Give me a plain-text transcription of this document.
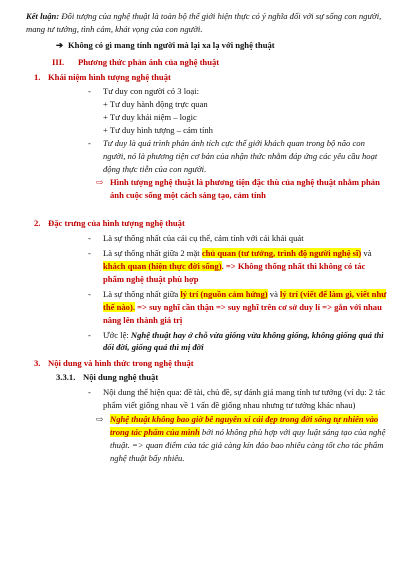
Kết luận: Đối tượng của nghệ thuật là toàn bộ thế giới hiện thực có ý nghĩa đối với sự sống con người, mang tư tưởng, tình cảm, khát vọng của con người.

➔ Không có gì mang tính người mà lại xa lạ với nghệ thuật
III.	Phương thức phản ánh của nghệ thuật
1. Khái niệm hình tượng nghệ thuật
-	Tư duy con người có 3 loại:

+ Tư duy hành động trực quan

+ Tư duy khái niệm – logic

+ Tư duy hình tượng – cảm tính

-	Tư duy là quá trình phản ánh tích cực thế giới khách quan trong bộ não con người, nó là phương tiện cơ bản của nhận thức nhằm đáp ứng các yêu cầu hoạt động thực tiễn của con người.
⇨ Hình tượng nghệ thuật là phương tiện đặc thù của nghệ thuật nhằm phản ánh cuộc sống một cách sáng tạo, cảm tính
2. Đặc trưng của hình tượng nghệ thuật
-	Là sự thống nhất của cái cụ thể, cảm tính với cái khái quát
-	Là sự thống nhất giữa 2 mặt chủ quan (tư tưởng, trình độ người nghệ sĩ) và khách quan (hiện thực đời sống). => Không thống nhất thì không có tác phẩm nghệ thuật phù hợp
-	Là sự thống nhất giữa lý trí (nguồn cảm hứng) và lý trí (viết để làm gì, viết như thế nào). => suy nghĩ cần thận => suy nghĩ trên cơ sở duy lí => gắn với nhau nâng lên thành giá trị
-	Ước lệ: Nghệ thuật hay ở chỗ vừa giống vừa không giống, không giống quá thì dối đời, giống quá thì mị đời
3. Nội dung và hình thức trong nghệ thuật
3.3.1. Nội dung nghệ thuật
-	Nội dung thể hiện qua: đề tài, chủ đề, sự đánh giá mang tính tư tưởng (ví dụ: 2 tác phẩm viết giống nhau về 1 vấn đề giống nhau nhưng tư tưởng khác nhau)
⇨ Nghệ thuật không bao giờ bê nguyên xi cái đẹp trong đời sống tự nhiên vào trong tác phẩm của mình bởi nó không phù hợp với quy luật sáng tạo của nghệ thuật. => quan điểm của tác giả càng kín đáo bao nhiêu càng tốt cho tác phẩm nghệ thuật bấy nhiêu.
